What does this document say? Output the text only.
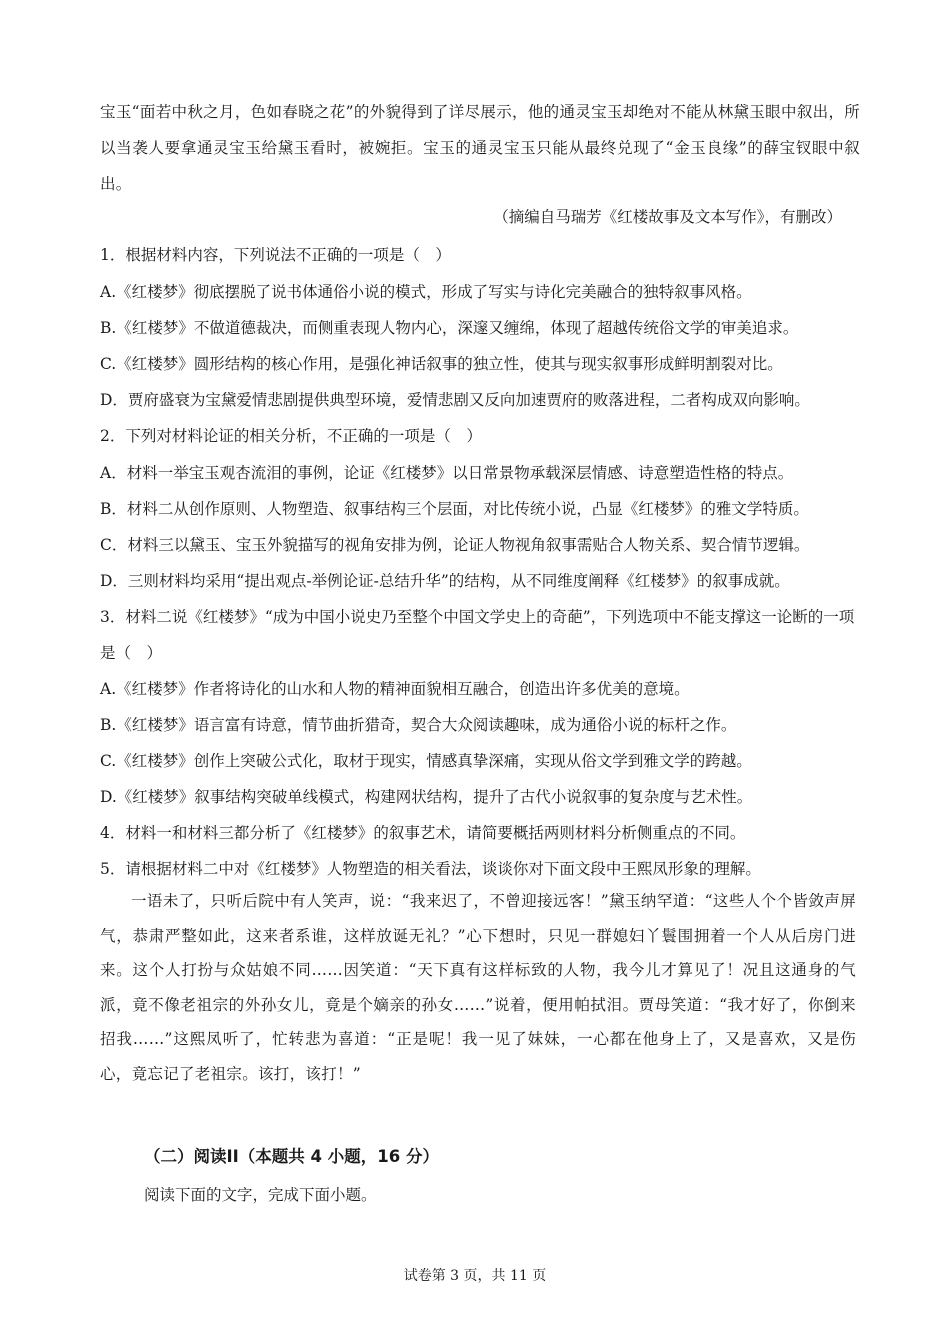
宝玉“面若中秋之月，色如春晓之花”的外貌得到了详尽展示，他的通灵宝玉却绝对不能从林黛玉眼中叙出，所以当袭人要拿通灵宝玉给黛玉看时，被婉拒。宝玉的通灵宝玉只能从最终兑现了“金玉良缘”的薛宝钗眼中叙出。

（摘编自马瑞芳《红楼故事及文本写作》，有删改）

1．根据材料内容，下列说法不正确的一项是（　）

A.《红楼梦》彻底摆脱了说书体通俗小说的模式，形成了写实与诗化完美融合的独特叙事风格。

B.《红楼梦》不做道德裁决，而侧重表现人物内心，深邃又缠绵，体现了超越传统俗文学的审美追求。

C.《红楼梦》圆形结构的核心作用，是强化神话叙事的独立性，使其与现实叙事形成鲜明割裂对比。

D．贾府盛衰为宝黛爱情悲剧提供典型环境，爱情悲剧又反向加速贾府的败落进程，二者构成双向影响。

2．下列对材料论证的相关分析，不正确的一项是（　）

A．材料一举宝玉观杏流泪的事例，论证《红楼梦》以日常景物承载深层情感、诗意塑造性格的特点。

B．材料二从创作原则、人物塑造、叙事结构三个层面，对比传统小说，凸显《红楼梦》的雅文学特质。

C．材料三以黛玉、宝玉外貌描写的视角安排为例，论证人物视角叙事需贴合人物关系、契合情节逻辑。

D．三则材料均采用“提出观点-举例论证-总结升华”的结构，从不同维度阐释《红楼梦》的叙事成就。

3．材料二说《红楼梦》“成为中国小说史乃至整个中国文学史上的奇葩”，下列选项中不能支撑这一论断的一项是（　）

A.《红楼梦》作者将诗化的山水和人物的精神面貌相互融合，创造出许多优美的意境。

B.《红楼梦》语言富有诗意，情节曲折猎奇，契合大众阅读趣味，成为通俗小说的标杆之作。

C.《红楼梦》创作上突破公式化，取材于现实，情感真挚深痛，实现从俗文学到雅文学的跨越。

D.《红楼梦》叙事结构突破单线模式，构建网状结构，提升了古代小说叙事的复杂度与艺术性。

4．材料一和材料三都分析了《红楼梦》的叙事艺术，请简要概括两则材料分析侧重点的不同。

5．请根据材料二中对《红楼梦》人物塑造的相关看法，谈谈你对下面文段中王熙凤形象的理解。

一语未了，只听后院中有人笑声，说：“我来迟了，不曾迎接远客！”黛玉纳罕道：“这些人个个皆敛声屏气，恭肃严整如此，这来者系谁，这样放诞无礼？”心下想时，只见一群媳妇丫鬟围拥着一个人从后房门进来。这个人打扮与众姑娘不同……因笑道：“天下真有这样标致的人物，我今儿才算见了！况且这通身的气派，竟不像老祖宗的外孙女儿，竟是个嫡亲的孙女……”说着，便用帕拭泪。贾母笑道：“我才好了，你倒来招我……”这熙凤听了，忙转悲为喜道：“正是呢！我一见了妹妹，一心都在他身上了，又是喜欢，又是伤心，竟忘记了老祖宗。该打，该打！”

（二）阅读II（本题共 4 小题，16 分）

阅读下面的文字，完成下面小题。

试卷第 3 页，共 11 页
